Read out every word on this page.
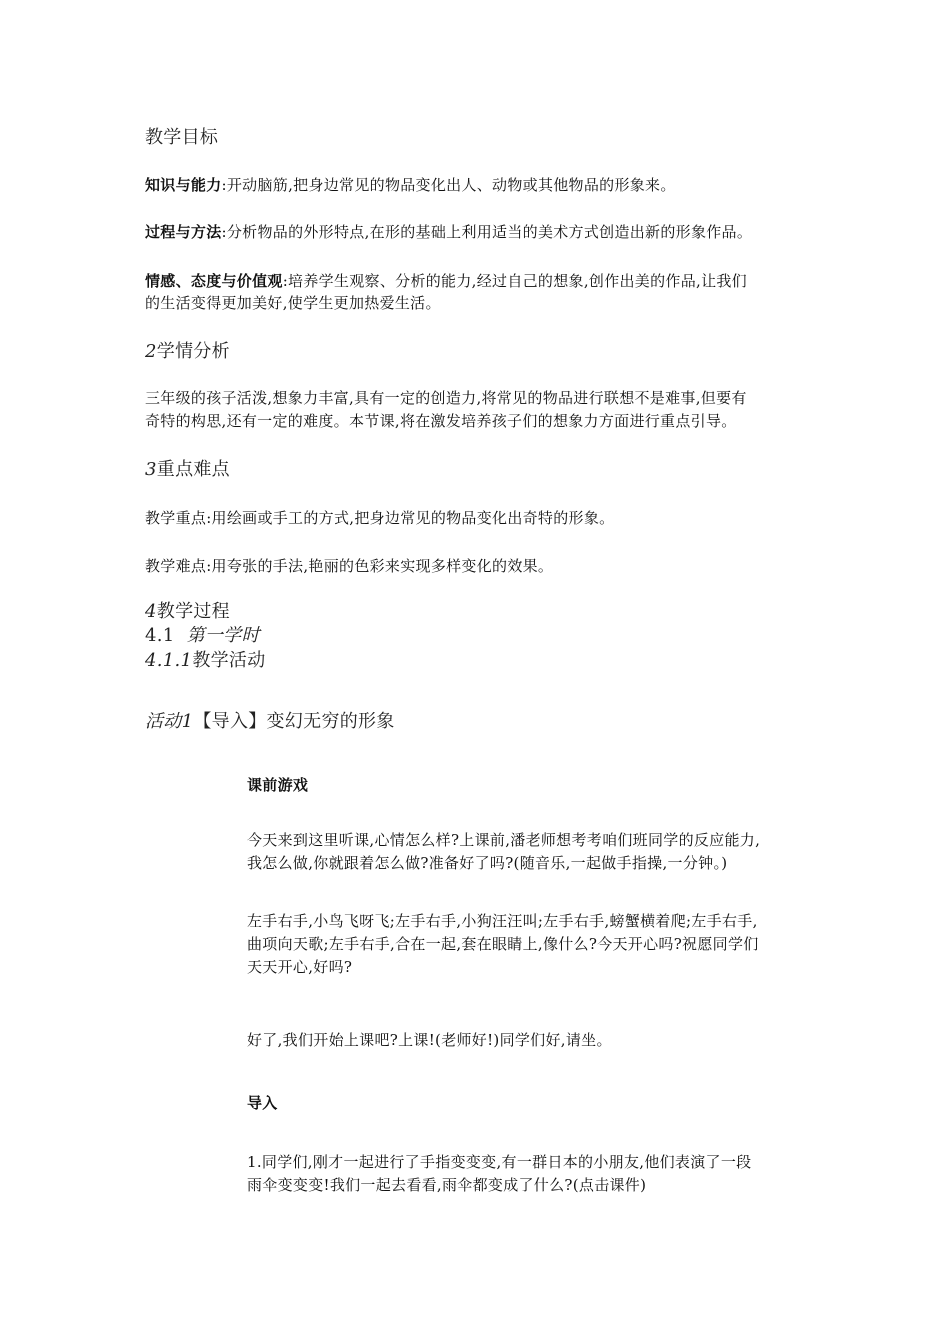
教学目标
知识与能力:开动脑筋,把身边常见的物品变化出人、动物或其他物品的形象来。
过程与方法:分析物品的外形特点,在形的基础上利用适当的美术方式创造出新的形象作品。
情感、态度与价值观:培养学生观察、分析的能力,经过自己的想象,创作出美的作品,让我们
的生活变得更加美好,使学生更加热爱生活。
2学情分析
三年级的孩子活泼,想象力丰富,具有一定的创造力,将常见的物品进行联想不是难事,但要有
奇特的构思,还有一定的难度。本节课,将在激发培养孩子们的想象力方面进行重点引导。
3重点难点
教学重点:用绘画或手工的方式,把身边常见的物品变化出奇特的形象。
教学难点:用夸张的手法,艳丽的色彩来实现多样变化的效果。
4教学过程
4.1 第一学时
4.1.1教学活动
活动1【导入】变幻无穷的形象
课前游戏
今天来到这里听课,心情怎么样?上课前,潘老师想考考咱们班同学的反应能力,
我怎么做,你就跟着怎么做?准备好了吗?(随音乐,一起做手指操,一分钟。)
左手右手,小鸟飞呀飞;左手右手,小狗汪汪叫;左手右手,螃蟹横着爬;左手右手,
曲项向天歌;左手右手,合在一起,套在眼睛上,像什么?今天开心吗?祝愿同学们
天天开心,好吗?
好了,我们开始上课吧?上课!(老师好!)同学们好,请坐。
导入
1.同学们,刚才一起进行了手指变变变,有一群日本的小朋友,他们表演了一段
雨伞变变变!我们一起去看看,雨伞都变成了什么?(点击课件)
